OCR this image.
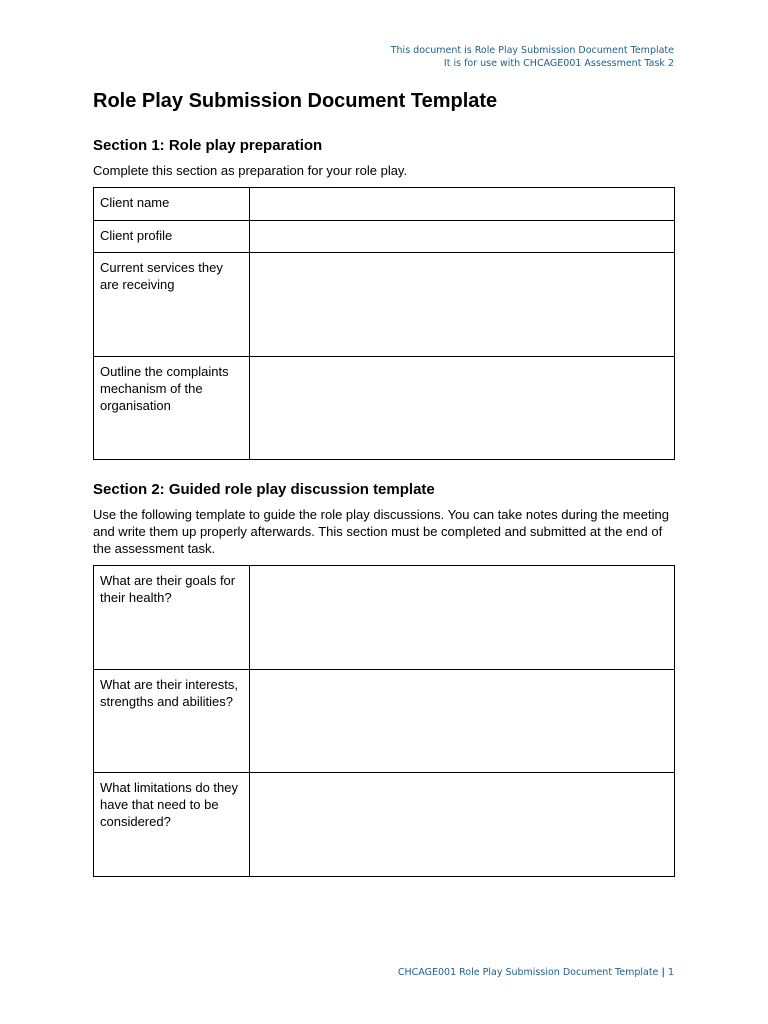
This document is Role Play Submission Document Template
It is for use with CHCAGE001 Assessment Task 2
Role Play Submission Document Template
Section 1: Role play preparation

Complete this section as preparation for your role play.

Client name	
Client profile	
Current services they are receiving	
Outline the complaints mechanism of the organisation	
Section 2: Guided role play discussion template

Use the following template to guide the role play discussions. You can take notes during the meeting and write them up properly afterwards. This section must be completed and submitted at the end of the assessment task.

What are their goals for their health?	
What are their interests, strengths and abilities?	
What limitations do they have that need to be considered?	
CHCAGE001 Role Play Submission Document Template | 1
